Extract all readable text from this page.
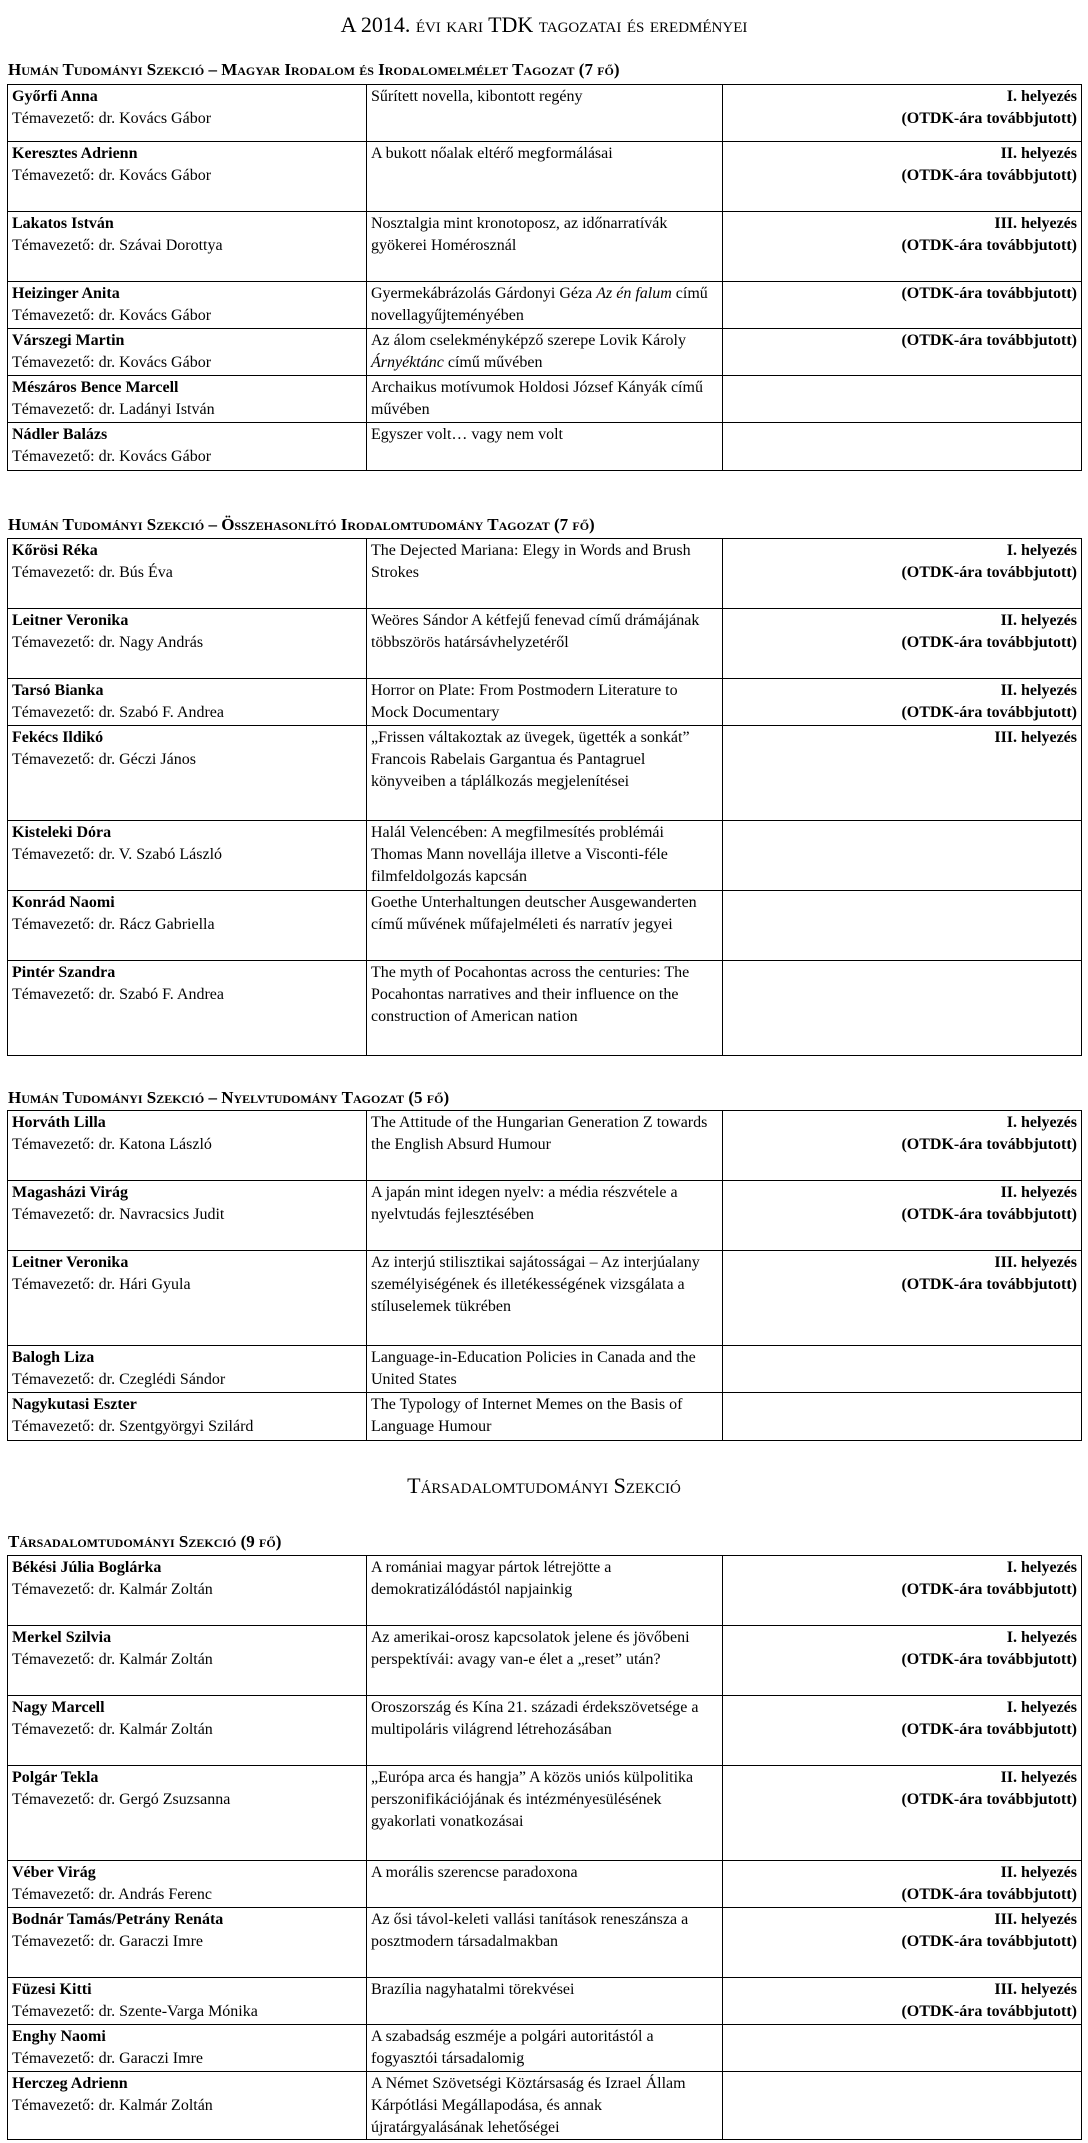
A 2014. évi kari TDK tagozatai és eredményei
Humán Tudományi Szekció – Magyar Irodalom és Irodalomelmélet Tagozat (7 fő)
Győrfi Anna
Témavezető: dr. Kovács Gábor	Sűrített novella, kibontott regény	I. helyezés
(OTDK-ára továbbjutott)

Keresztes Adrienn
Témavezető: dr. Kovács Gábor	A bukott nőalak eltérő megformálásai	II. helyezés
(OTDK-ára továbbjutott)

Lakatos István
Témavezető: dr. Szávai Dorottya	Nosztalgia mint kronotoposz, az időnarratívák gyökerei Homérosznál	III. helyezés
(OTDK-ára továbbjutott)

Heizinger Anita
Témavezető: dr. Kovács Gábor	Gyermekábrázolás Gárdonyi Géza Az én falum című novellagyűjteményében	(OTDK-ára továbbjutott)

Várszegi Martin
Témavezető: dr. Kovács Gábor	Az álom cselekményképző szerepe Lovik Károly Árnyéktánc című művében	(OTDK-ára továbbjutott)

Mészáros Bence Marcell
Témavezető: dr. Ladányi István	Archaikus motívumok Holdosi József Kányák című művében	

Nádler Balázs
Témavezető: dr. Kovács Gábor	Egyszer volt… vagy nem volt	

Humán Tudományi Szekció – Összehasonlító Irodalomtudomány Tagozat (7 fő)
Kőrösi Réka
Témavezető: dr. Bús Éva	The Dejected Mariana: Elegy in Words and Brush Strokes	I. helyezés
(OTDK-ára továbbjutott)

Leitner Veronika
Témavezető: dr. Nagy András	Weöres Sándor A kétfejű fenevad című drámájának többszörös határsávhelyzetéről	II. helyezés
(OTDK-ára továbbjutott)

Tarsó Bianka
Témavezető: dr. Szabó F. Andrea	Horror on Plate: From Postmodern Literature to Mock Documentary	II. helyezés
(OTDK-ára továbbjutott)

Fekécs Ildikó
Témavezető: dr. Géczi János	„Frissen váltakoztak az üvegek, ügették a sonkát” Francois Rabelais Gargantua és Pantagruel könyveiben a táplálkozás megjelenítései	III. helyezés

Kisteleki Dóra
Témavezető: dr. V. Szabó László	Halál Velencében: A megfilmesítés problémái Thomas Mann novellája illetve a Visconti-féle filmfeldolgozás kapcsán	

Konrád Naomi
Témavezető: dr. Rácz Gabriella	Goethe Unterhaltungen deutscher Ausgewanderten című művének műfajelméleti és narratív jegyei	

Pintér Szandra
Témavezető: dr. Szabó F. Andrea	The myth of Pocahontas across the centuries: The Pocahontas narratives and their influence on the construction of American nation	

Humán Tudományi Szekció – Nyelvtudomány Tagozat (5 fő)
Horváth Lilla
Témavezető: dr. Katona László	The Attitude of the Hungarian Generation Z towards the English Absurd Humour	I. helyezés
(OTDK-ára továbbjutott)

Magasházi Virág
Témavezető: dr. Navracsics Judit	A japán mint idegen nyelv: a média részvétele a nyelvtudás fejlesztésében	II. helyezés
(OTDK-ára továbbjutott)

Leitner Veronika
Témavezető: dr. Hári Gyula	Az interjú stilisztikai sajátosságai – Az interjúalany személyiségének és illetékességének vizsgálata a stíluselemek tükrében	III. helyezés
(OTDK-ára továbbjutott)

Balogh Liza
Témavezető: dr. Czeglédi Sándor	Language-in-Education Policies in Canada and the United States	

Nagykutasi Eszter
Témavezető: dr. Szentgyörgyi Szilárd	The Typology of Internet Memes on the Basis of Language Humour	

Társadalomtudományi Szekció
Társadalomtudományi Szekció (9 fő)
Békési Júlia Boglárka
Témavezető: dr. Kalmár Zoltán	A romániai magyar pártok létrejötte a demokratizálódástól napjainkig	I. helyezés
(OTDK-ára továbbjutott)

Merkel Szilvia
Témavezető: dr. Kalmár Zoltán	Az amerikai-orosz kapcsolatok jelene és jövőbeni perspektívái: avagy van-e élet a „reset” után?	I. helyezés
(OTDK-ára továbbjutott)

Nagy Marcell
Témavezető: dr. Kalmár Zoltán	Oroszország és Kína 21. századi érdekszövetsége a multipoláris világrend létrehozásában	I. helyezés
(OTDK-ára továbbjutott)

Polgár Tekla
Témavezető: dr. Gergó Zsuzsanna	„Európa arca és hangja” A közös uniós külpolitika perszonifikációjának és intézményesülésének gyakorlati vonatkozásai	II. helyezés
(OTDK-ára továbbjutott)

Véber Virág
Témavezető: dr. András Ferenc	A morális szerencse paradoxona	II. helyezés
(OTDK-ára továbbjutott)

Bodnár Tamás/Petrány Renáta
Témavezető: dr. Garaczi Imre	Az ősi távol-keleti vallási tanítások reneszánsza a posztmodern társadalmakban	III. helyezés
(OTDK-ára továbbjutott)

Füzesi Kitti
Témavezető: dr. Szente-Varga Mónika	Brazília nagyhatalmi törekvései	III. helyezés
(OTDK-ára továbbjutott)

Enghy Naomi
Témavezető: dr. Garaczi Imre	A szabadság eszméje a polgári autoritástól a fogyasztói társadalomig	

Herczeg Adrienn
Témavezető: dr. Kalmár Zoltán	A Német Szövetségi Köztársaság és Izrael Állam Kárpótlási Megállapodása, és annak újratárgyalásának lehetőségei	
